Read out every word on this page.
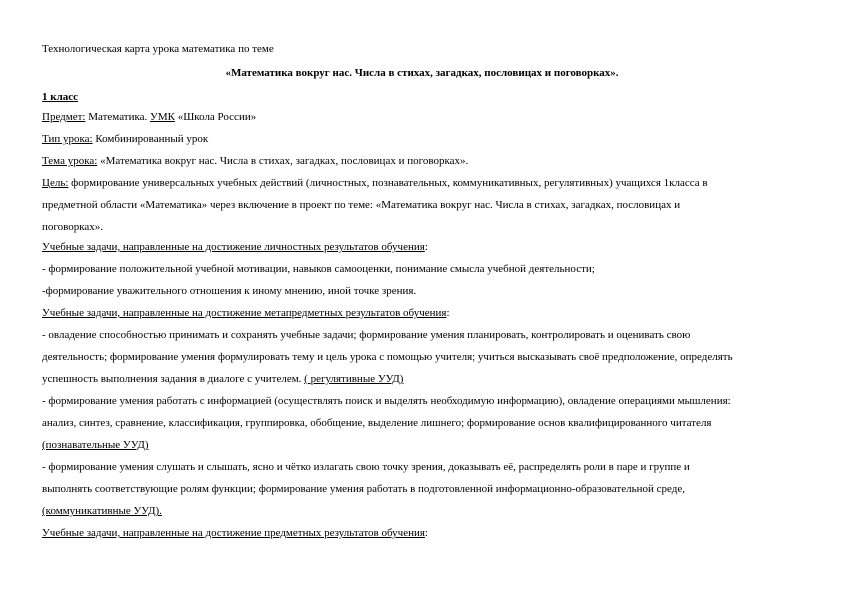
Технологическая карта урока математика по теме
«Математика вокруг нас. Числа в стихах, загадках, пословицах и поговорках».
1 класс
Предмет: Математика. УМК «Школа России»
Тип урока: Комбинированный урок
Тема урока: «Математика вокруг нас. Числа в стихах, загадках, пословицах и поговорках».
Цель: формирование универсальных учебных действий (личностных, познавательных, коммуникативных, регулятивных) учащихся 1класса в
предметной области «Математика» через включение в проект по теме: «Математика вокруг нас. Числа в стихах, загадках, пословицах и
поговорках».
Учебные задачи, направленные на достижение личностных результатов обучения:
- формирование положительной учебной мотивации, навыков самооценки, понимание смысла учебной деятельности;
-формирование уважительного отношения к иному мнению, иной точке зрения.
Учебные задачи, направленные на достижение метапредметных результатов обучения:
- овладение способностью принимать и сохранять учебные задачи; формирование умения планировать, контролировать и оценивать свою
деятельность; формирование умения формулировать тему и цель урока с помощью учителя; учиться высказывать своё предположение, определять
успешность выполнения задания в диалоге с учителем. ( регулятивные УУД)
- формирование умения работать с информацией (осуществлять поиск и выделять необходимую информацию), овладение операциями мышления:
анализ, синтез, сравнение, классификация, группировка, обобщение, выделение лишнего; формирование основ квалифицированного читателя
(познавательные УУД)
- формирование умения слушать и слышать, ясно и чётко излагать свою точку зрения, доказывать её, распределять роли в паре и группе и
выполнять соответствующие ролям функции; формирование умения работать в подготовленной информационно-образовательной среде,
(коммуникативные УУД).
Учебные задачи, направленные на достижение предметных результатов обучения:
